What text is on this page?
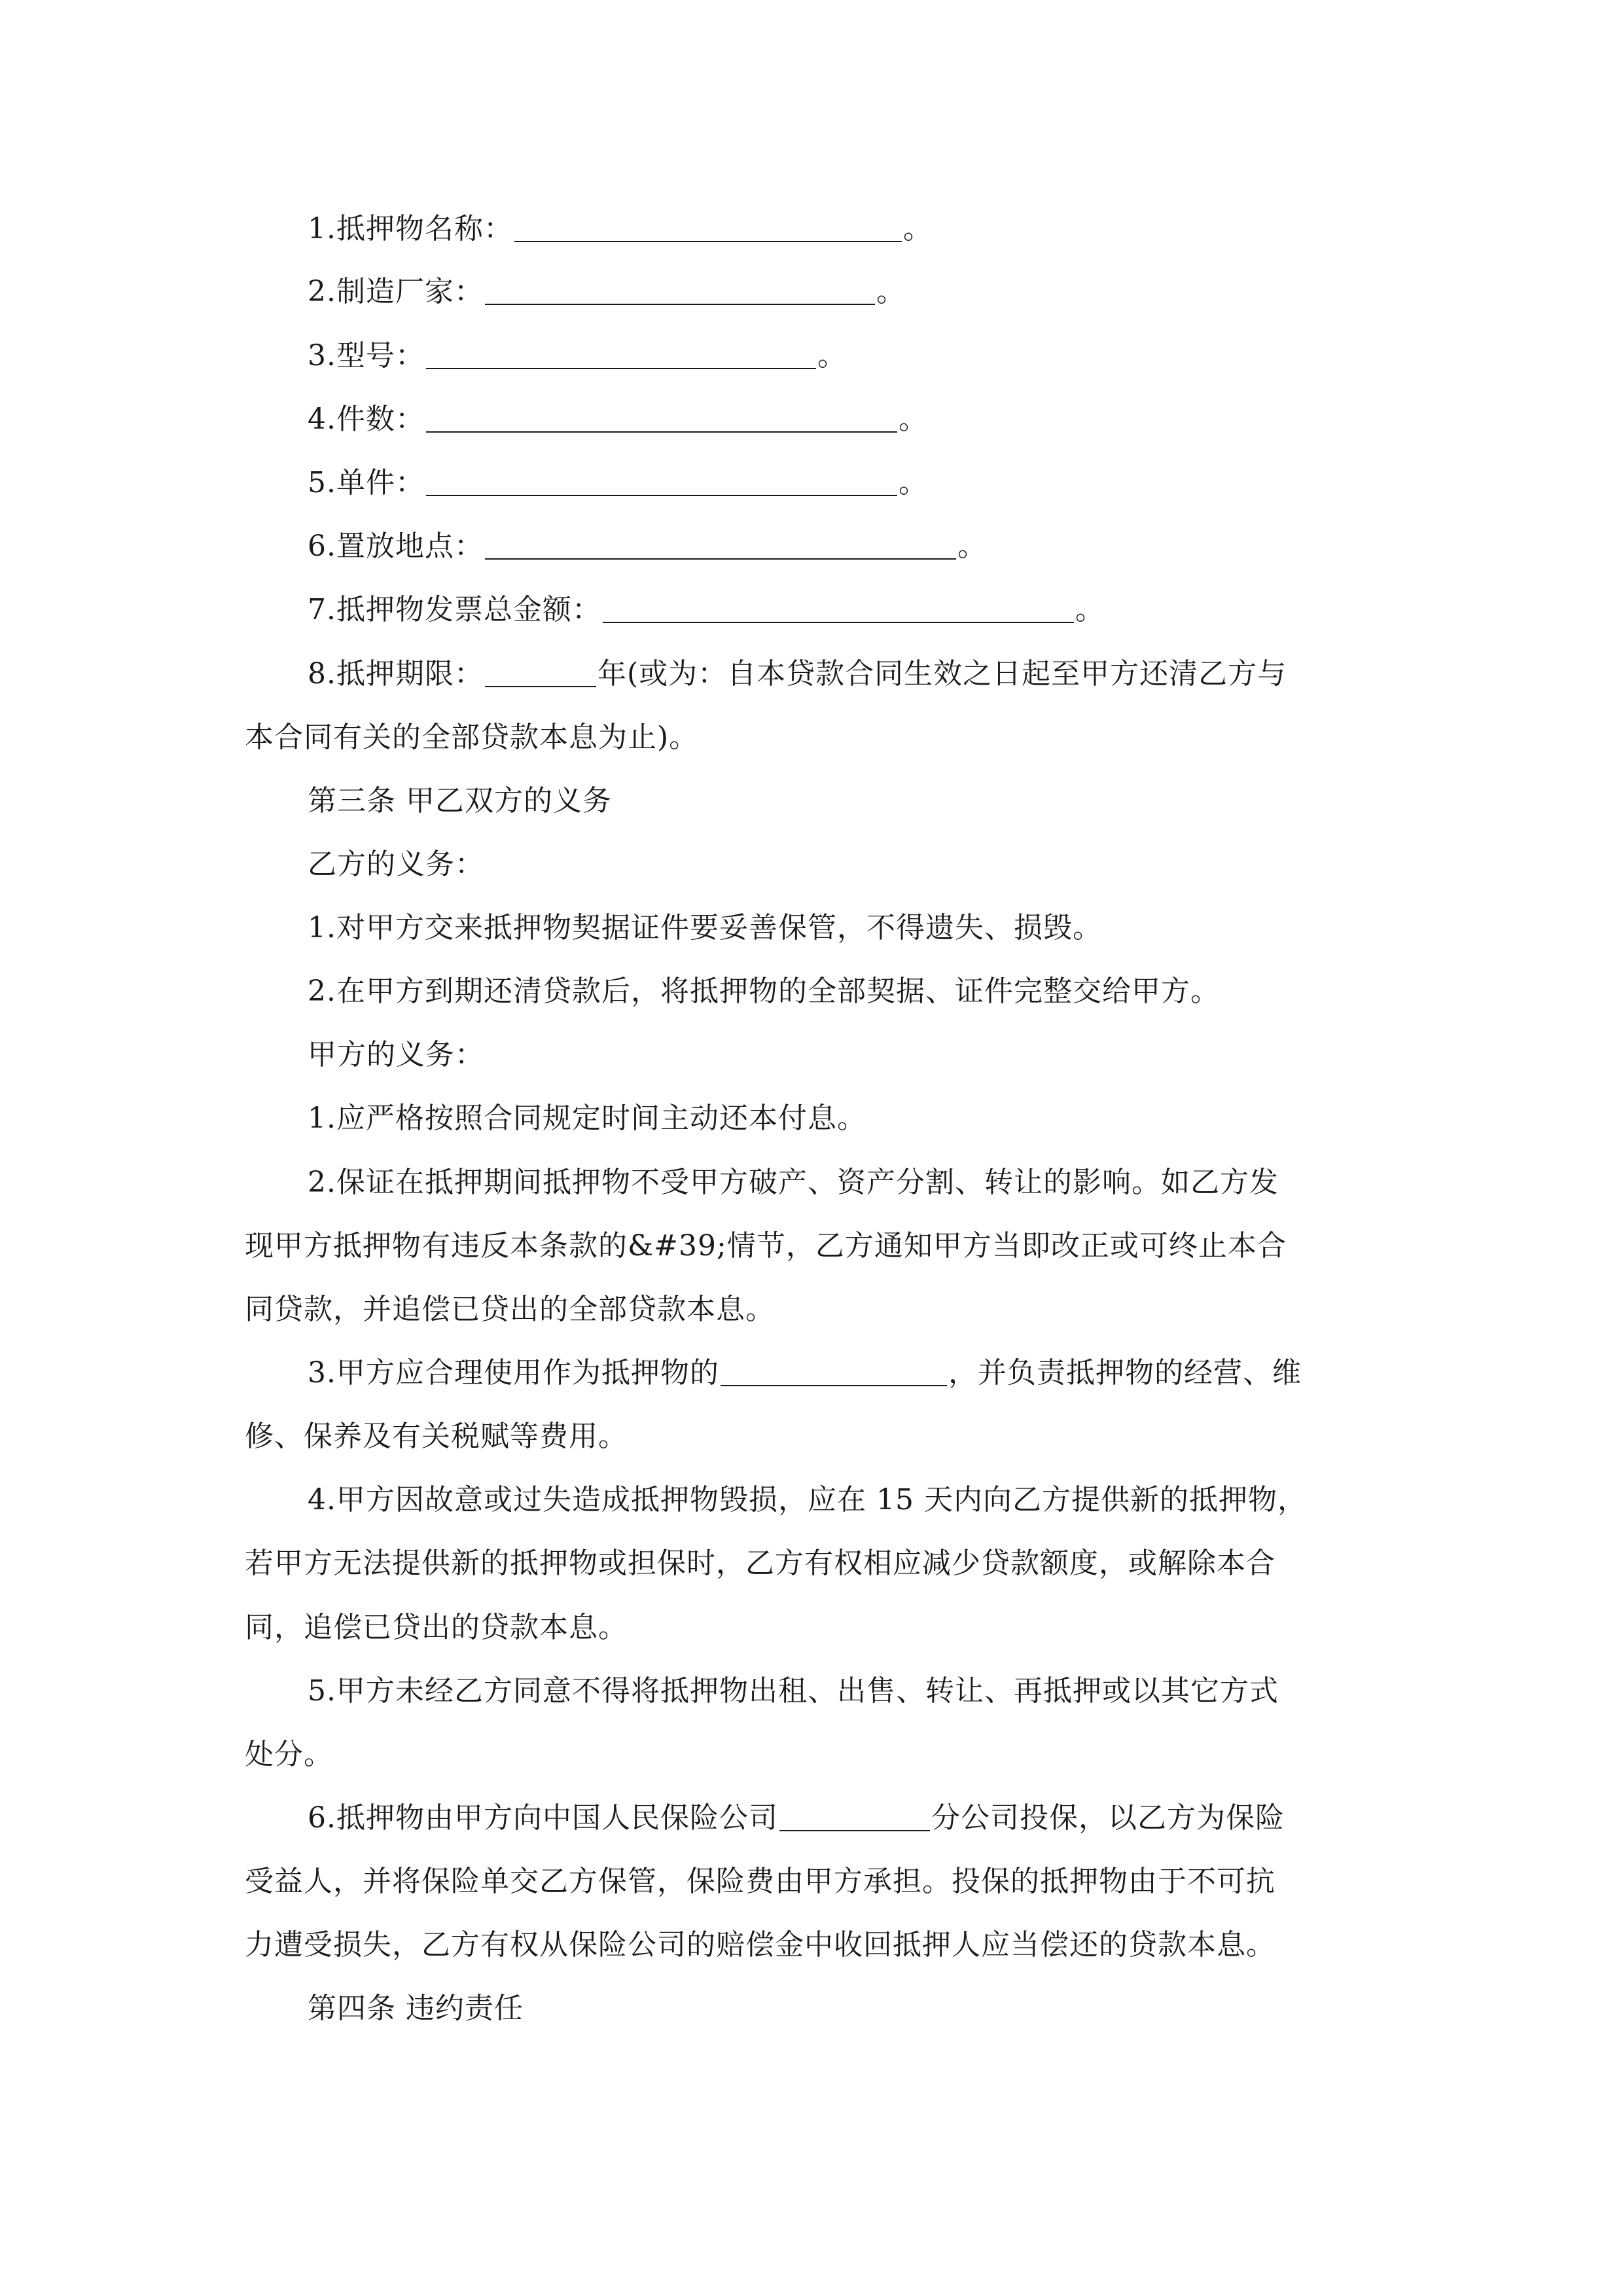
1.抵押物名称：	。
2.制造厂家：	。
3.型号：	。
4.件数：	。
5.单件：	。
6.置放地点：	。
7.抵押物发票总金额：	。
8.抵押期限：	年(或为：自本贷款合同生效之日起至甲方还清乙方与
本合同有关的全部贷款本息为止)。
第三条 甲乙双方的义务
乙方的义务：
1.对甲方交来抵押物契据证件要妥善保管，不得遗失、损毁。
2.在甲方到期还清贷款后，将抵押物的全部契据、证件完整交给甲方。
甲方的义务：
1.应严格按照合同规定时间主动还本付息。
2.保证在抵押期间抵押物不受甲方破产、资产分割、转让的影响。如乙方发
现甲方抵押物有违反本条款的&#39;情节，乙方通知甲方当即改正或可终止本合
同贷款，并追偿已贷出的全部贷款本息。
3.甲方应合理使用作为抵押物的	，并负责抵押物的经营、维
修、保养及有关税赋等费用。
4.甲方因故意或过失造成抵押物毁损，应在 15 天内向乙方提供新的抵押物，
若甲方无法提供新的抵押物或担保时，乙方有权相应减少贷款额度，或解除本合
同，追偿已贷出的贷款本息。
5.甲方未经乙方同意不得将抵押物出租、出售、转让、再抵押或以其它方式
处分。
6.抵押物由甲方向中国人民保险公司	分公司投保，以乙方为保险
受益人，并将保险单交乙方保管，保险费由甲方承担。投保的抵押物由于不可抗
力遭受损失，乙方有权从保险公司的赔偿金中收回抵押人应当偿还的贷款本息。
第四条 违约责任
